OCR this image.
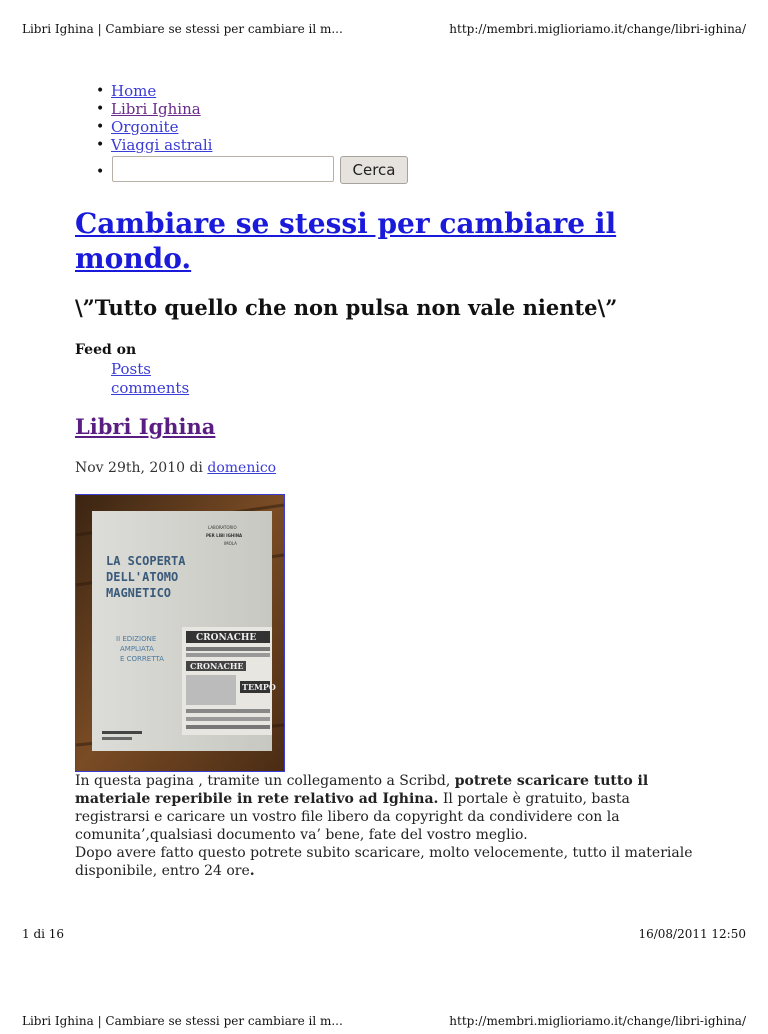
Libri Ighina | Cambiare se stessi per cambiare il m...	http://membri.miglioriamo.it/change/libri-ighina/
• Home
• Libri Ighina
• Orgonite
• Viaggi astrali
• Cerca
Cambiare se stessi per cambiare il mondo.
\”Tutto quello che non pulsa non vale niente\”
Feed on
Posts
comments
Libri Ighina
Nov 29th, 2010 di domenico
LA SCOPERTA
DELL'ATOMO
MAGNETICO
LABORATORIO
PER LIBI IGHINA
IMOLA
II EDIZIONE
AMPLIATA
E CORRETTA
CRONACHE
CRONACHE
TEMPO

In questa pagina , tramite un collegamento a Scribd, potrete scaricare tutto il materiale reperibile in rete relativo ad Ighina. Il portale è gratuito, basta registrarsi e caricare un vostro file libero da copyright da condividere con la comunita’,qualsiasi documento va’ bene, fate del vostro meglio.

Dopo avere fatto questo potrete subito scaricare, molto velocemente, tutto il materiale disponibile, entro 24 ore.

1 di 16	16/08/2011 12:50
Libri Ighina | Cambiare se stessi per cambiare il m...	http://membri.miglioriamo.it/change/libri-ighina/
